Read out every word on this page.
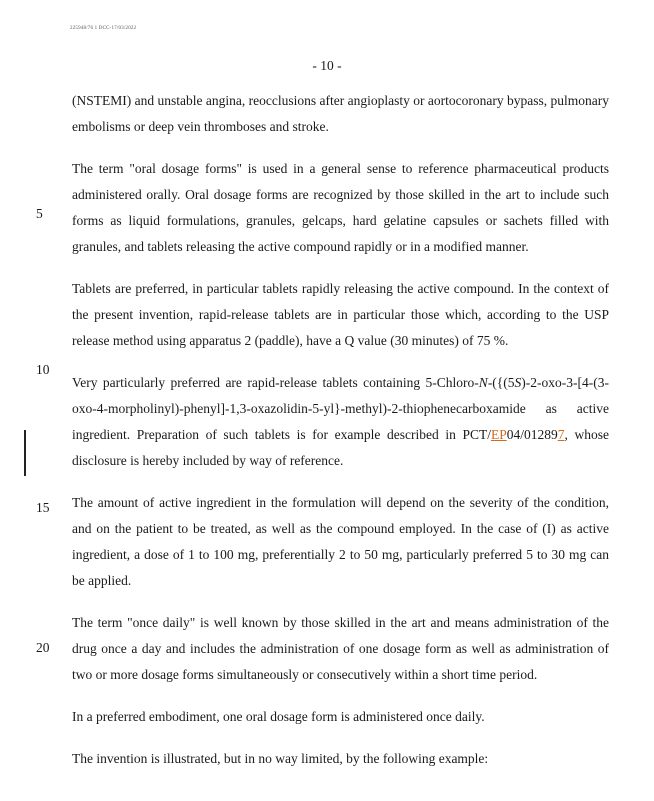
225948/76 1 DCC-17/03/2022
- 10 -
5
10
15
20

(NSTEMI) and unstable angina, reocclusions after angioplasty or aortocoronary bypass, pulmonary embolisms or deep vein thromboses and stroke.

The term "oral dosage forms" is used in a general sense to reference pharmaceutical products administered orally. Oral dosage forms are recognized by those skilled in the art to include such forms as liquid formulations, granules, gelcaps, hard gelatine capsules or sachets filled with granules, and tablets releasing the active compound rapidly or in a modified manner.

Tablets are preferred, in particular tablets rapidly releasing the active compound. In the context of the present invention, rapid-release tablets are in particular those which, according to the USP release method using apparatus 2 (paddle), have a Q value (30 minutes) of 75 %.

Very particularly preferred are rapid-release tablets containing 5-Chloro-N-({(5S)-2-oxo-3-[4-(3-oxo-4-morpholinyl)-phenyl]-1,3-oxazolidin-5-yl}-methyl)-2-thiophenecarboxamide as active ingredient. Preparation of such tablets is for example described in PCT/EP04/012897, whose disclosure is hereby included by way of reference.

The amount of active ingredient in the formulation will depend on the severity of the condition, and on the patient to be treated, as well as the compound employed. In the case of (I) as active ingredient, a dose of 1 to 100 mg, preferentially 2 to 50 mg, particularly preferred 5 to 30 mg can be applied.

The term "once daily" is well known by those skilled in the art and means administration of the drug once a day and includes the administration of one dosage form as well as administration of two or more dosage forms simultaneously or consecutively within a short time period.

In a preferred embodiment, one oral dosage form is administered once daily.

The invention is illustrated, but in no way limited, by the following example:
